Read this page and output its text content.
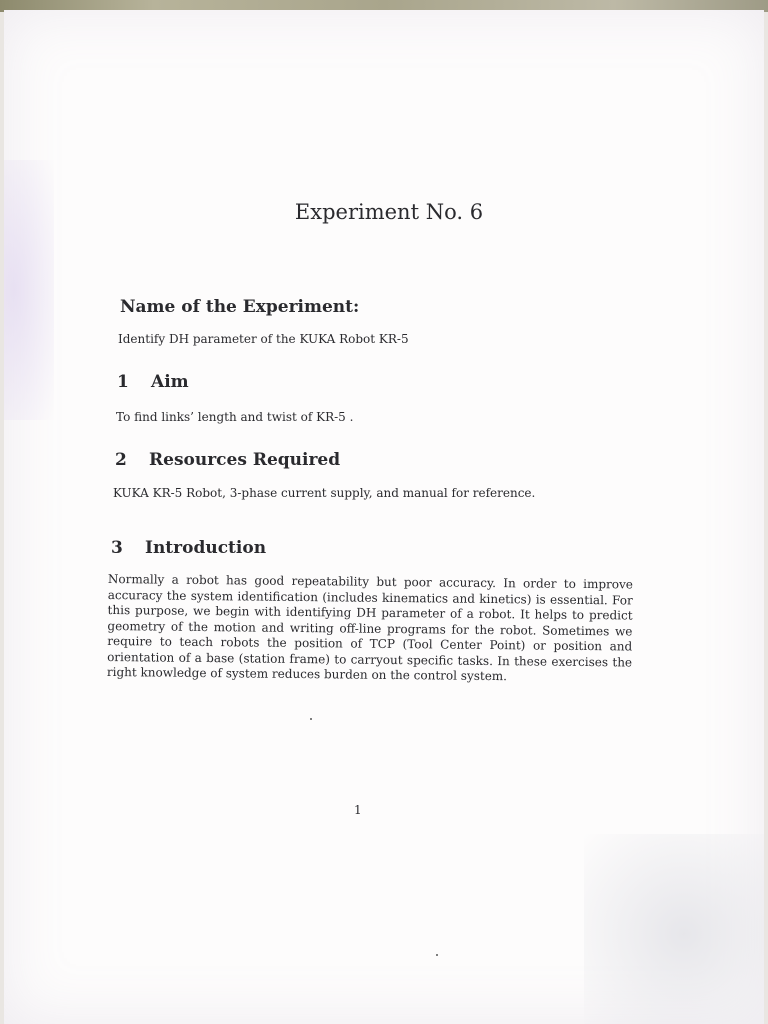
Experiment No. 6
Name of the Experiment:
Identify DH parameter of the KUKA Robot KR-5
1 Aim
To find links’ length and twist of KR-5 .
2 Resources Required
KUKA KR-5 Robot, 3-phase current supply, and manual for reference.
3 Introduction
Normally a robot has good repeatability but poor accuracy. In order to improve accuracy the system identification (includes kinematics and kinetics) is essential. For this purpose, we begin with identifying DH parameter of a robot. It helps to predict geometry of the motion and writing off-line programs for the robot. Sometimes we require to teach robots the position of TCP (Tool Center Point) or position and orientation of a base (station frame) to carryout specific tasks. In these exercises the right knowledge of system reduces burden on the control system.
1
